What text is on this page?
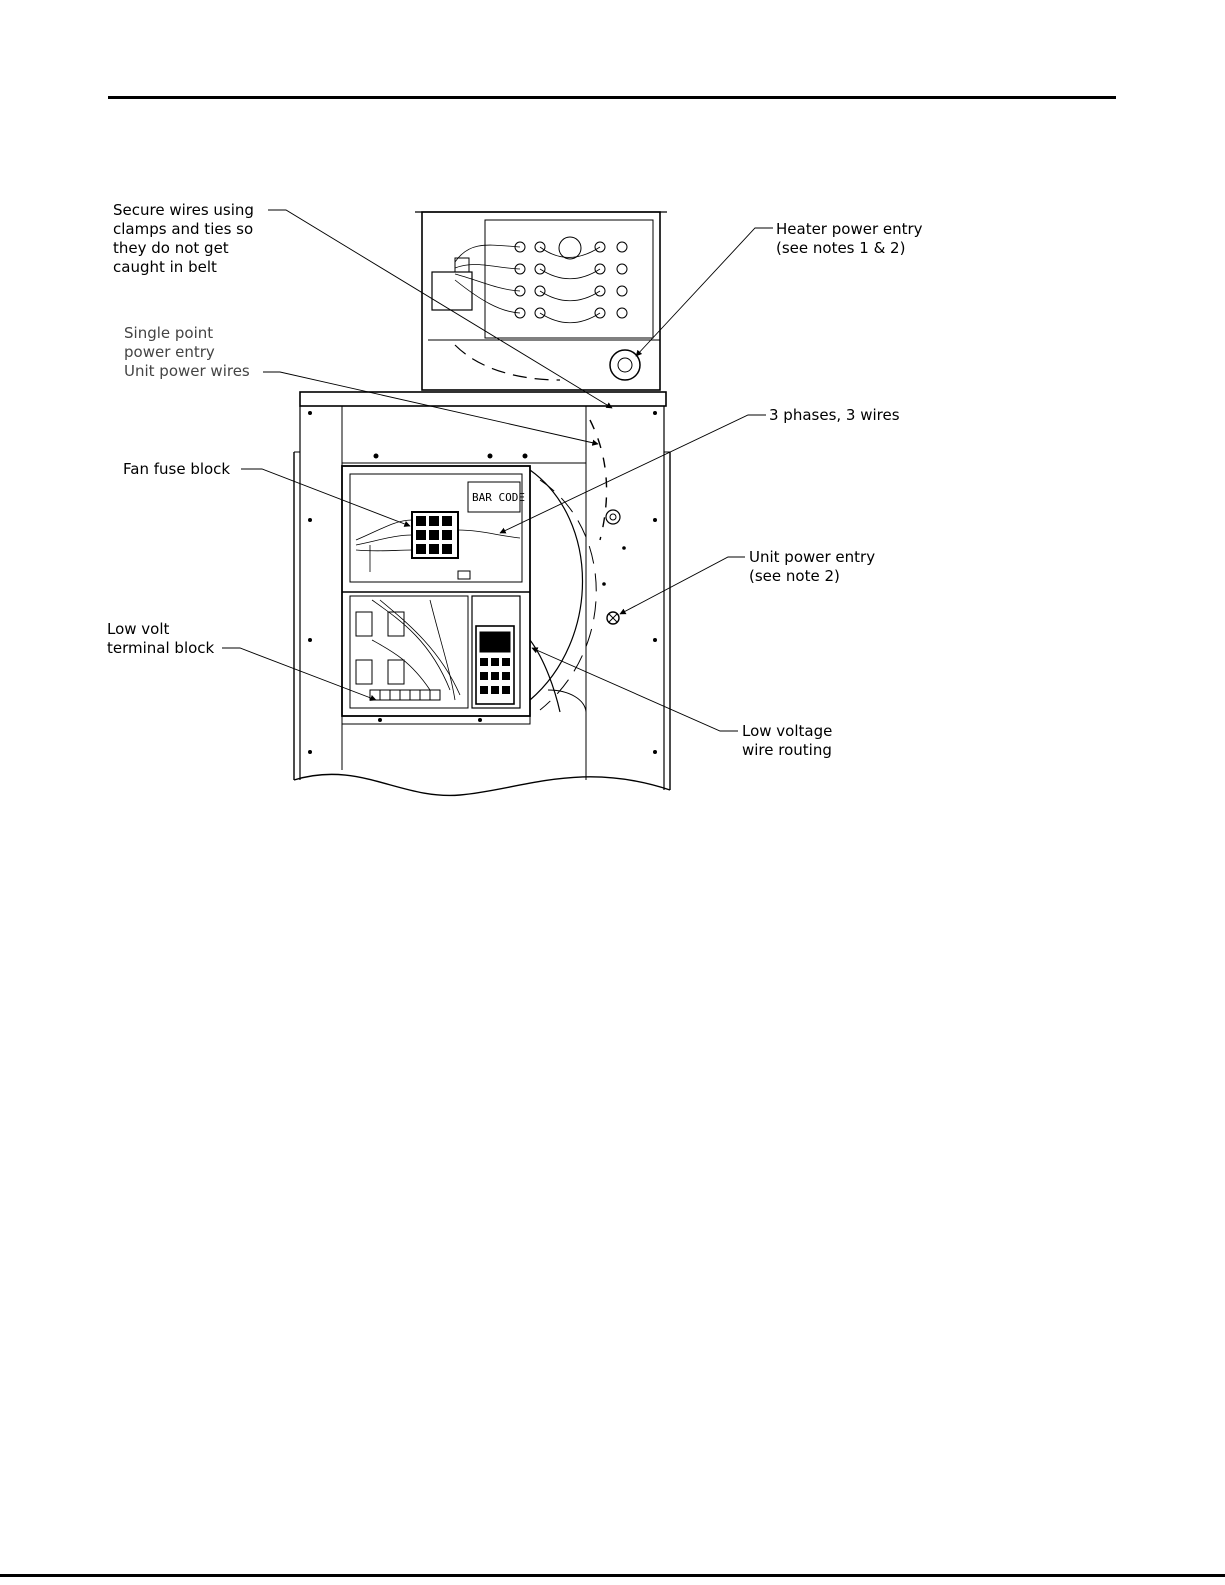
BAR CODE
Secure wires using
clamps and ties so
they do not get
caught in belt
Single point
power entry
Unit power wires
Fan fuse block
Low volt
terminal block
Heater power entry
(see notes 1 & 2)
3 phases, 3 wires
Unit power entry
(see note 2)
Low voltage
wire routing
